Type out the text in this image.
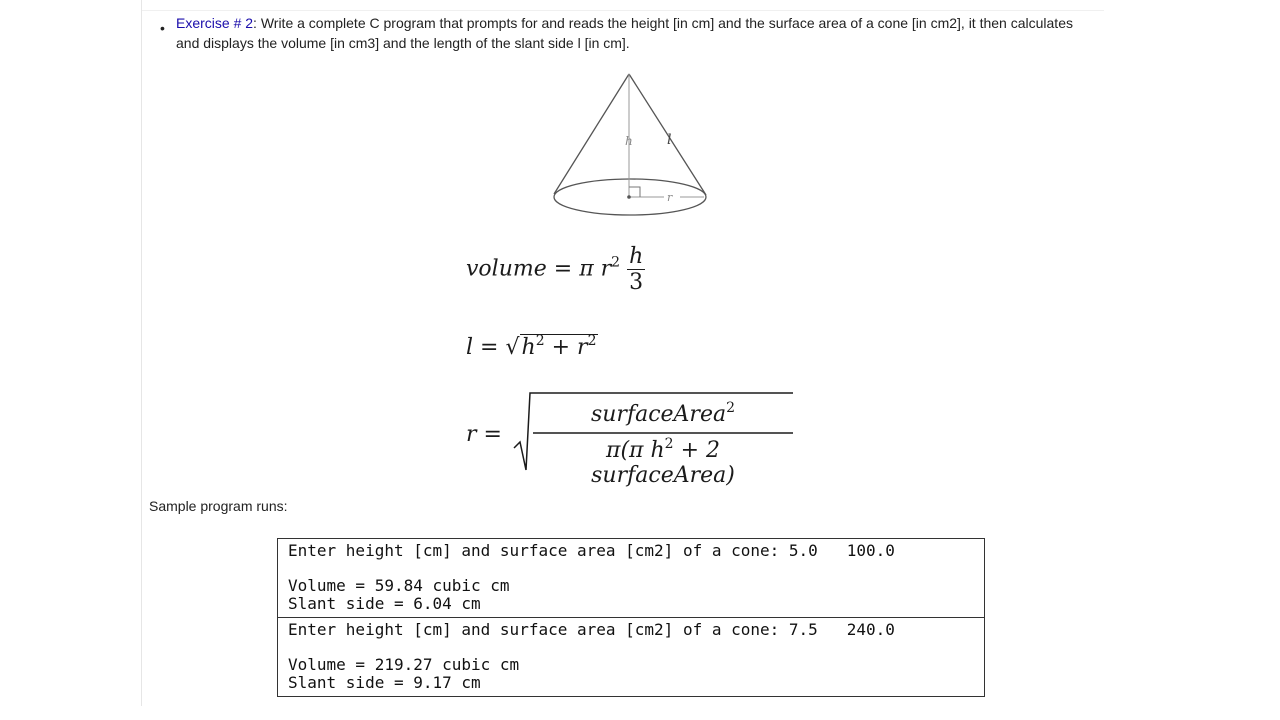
• Exercise # 2: Write a complete C program that prompts for and reads the height [in cm] and the surface area of a cone [in cm2], it then calculates and displays the volume [in cm3] and the length of the slant side l [in cm].
h l
r
volume = π $r^2 \frac{h}{3}$
$l = √h^2 + r^2$
r =
surfaceArea$^2$
π(π $h^2 + 2$ surfaceArea)
Sample program runs:
Enter height [cm] and surface area [cm2] of a cone: 5.0   100.0
Volume = 59.84 cubic cm
Slant side = 6.04 cm
Enter height [cm] and surface area [cm2] of a cone: 7.5   240.0
Volume = 219.27 cubic cm
Slant side = 9.17 cm
